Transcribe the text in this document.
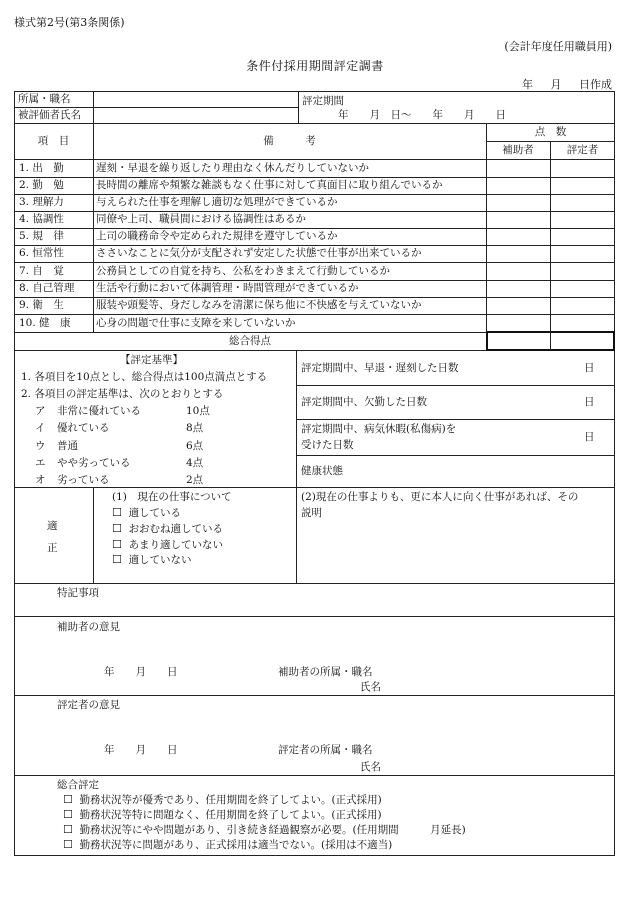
様式第2号(第3条関係)
(会計年度任用職員用)
条件付採用期間評定調書
年 月 日作成
所属・職名
被評価者氏名
評定期間
年　　月　日〜　　年　　月　　日
項　目	備　　　考
点　数
補助者	評定者
1. 出　勤	遅刻・早退を繰り返したり理由なく休んだりしていないか
2. 勤　勉	長時間の離席や頻繁な雑談もなく仕事に対して真面目に取り組んでいるか
3. 理解力	与えられた仕事を理解し適切な処理ができているか
4. 協調性	同僚や上司、職員間における協調性はあるか
5. 規　律	上司の職務命令や定められた規律を遵守しているか
6. 恒常性	ささいなことに気分が支配されず安定した状態で仕事が出来ているか
7. 自　覚	公務員としての自覚を持ち、公私をわきまえて行動しているか
8. 自己管理 生活や行動において体調管理・時間管理ができているか
9. 衛　生	服装や頭髪等、身だしなみを清潔に保ち他に不快感を与えていないか
10. 健　康 心身の問題で仕事に支障を来していないか
総合得点
【評定基準】
1. 各項目を10点とし、総合得点は100点満点とする
2. 各項目の評定基準は、次のとおりとする
ア 非常に優れている	10点
イ 優れている	8点
ウ 普通	6点
エ やや劣っている	4点
オ 劣っている	2点
評定期間中、早退・遅刻した日数	日
評定期間中、欠勤した日数	日
評定期間中、病気休暇(私傷病)を
受けた日数
日
健康状態
適
正
(1)　現在の仕事について
☐ 適している
☐ おおむね適している
☐ あまり適していない
☐ 適していない
(2)現在の仕事よりも、更に本人に向く仕事があれば、その
説明
特記事項
補助者の意見
年　　月　　日	補助者の所属・職名
氏名
評定者の意見
年　　月　　日	評定者の所属・職名
氏名
総合評定
☐ 勤務状況等が優秀であり、任用期間を終了してよい。(正式採用)
☐ 勤務状況等特に問題なく、任用期間を終了してよい。(正式採用)
☐ 勤務状況等にやや問題があり、引き続き経過観察が必要。(任用期間　　　月延長)
☐ 勤務状況等に問題があり、正式採用は適当でない。(採用は不適当)
